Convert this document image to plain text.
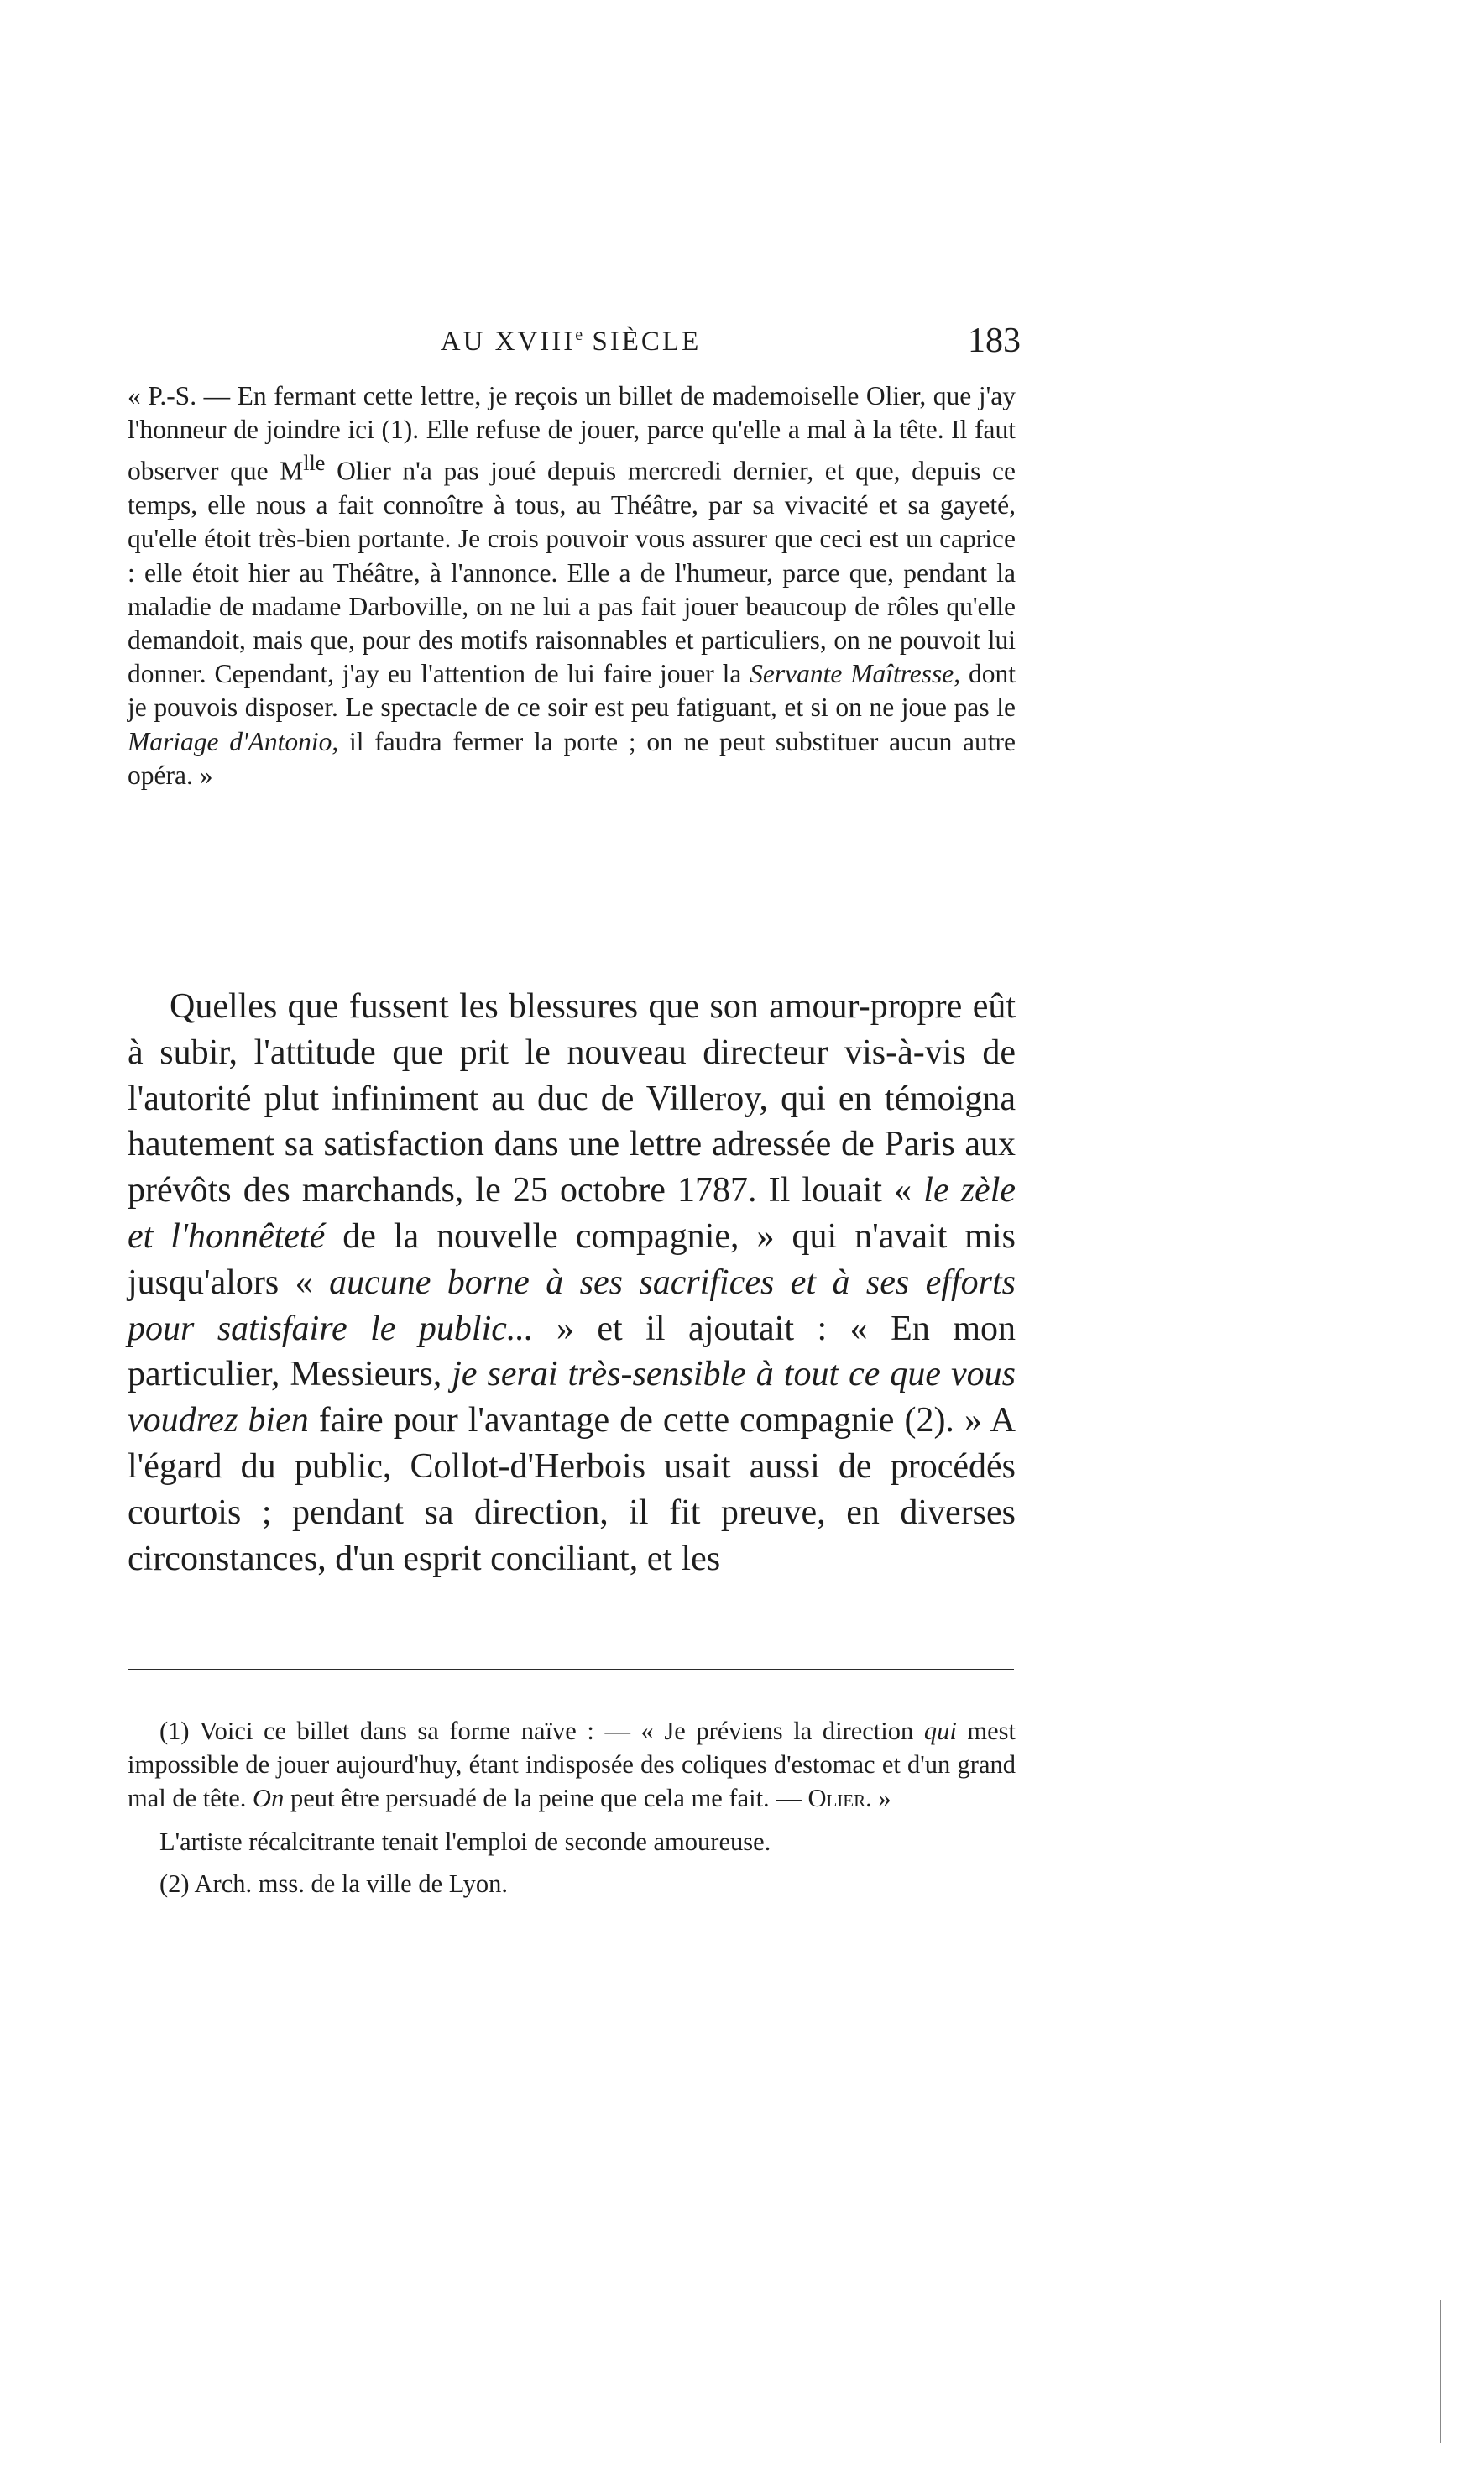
AU XVIIIe SIÈCLE	183

« P.-S. — En fermant cette lettre, je reçois un billet de mademoiselle Olier, que j'ay l'honneur de joindre ici (1). Elle refuse de jouer, parce qu'elle a mal à la tête. Il faut observer que $M^{lle}$ Olier n'a pas joué depuis mercredi dernier, et que, depuis ce temps, elle nous a fait connoître à tous, au Théâtre, par sa vivacité et sa gayeté, qu'elle étoit très-bien portante. Je crois pouvoir vous assurer que ceci est un caprice : elle étoit hier au Théâtre, à l'annonce. Elle a de l'humeur, parce que, pendant la maladie de madame Darboville, on ne lui a pas fait jouer beaucoup de rôles qu'elle demandoit, mais que, pour des motifs raisonnables et particuliers, on ne pouvoit lui donner. Cependant, j'ay eu l'attention de lui faire jouer la Servante Maîtresse, dont je pouvois disposer. Le spectacle de ce soir est peu fatiguant, et si on ne joue pas le Mariage d'Antonio, il faudra fermer la porte ; on ne peut substituer aucun autre opéra. »

Quelles que fussent les blessures que son amour-propre eût à subir, l'attitude que prit le nouveau directeur vis-à-vis de l'autorité plut infiniment au duc de Villeroy, qui en témoigna hautement sa satisfaction dans une lettre adressée de Paris aux prévôts des marchands, le 25 octobre 1787. Il louait « le zèle et l'honnêteté de la nouvelle compagnie, » qui n'avait mis jusqu'alors « aucune borne à ses sacrifices et à ses efforts pour satisfaire le public... » et il ajoutait : « En mon particulier, Messieurs, je serai très-sensible à tout ce que vous voudrez bien faire pour l'avantage de cette compagnie (2). » A l'égard du public, Collot-d'Herbois usait aussi de procédés courtois ; pendant sa direction, il fit preuve, en diverses circonstances, d'un esprit conciliant, et les

(1) Voici ce billet dans sa forme naïve : — « Je préviens la direction qui mest impossible de jouer aujourd'huy, étant indisposée des coliques d'estomac et d'un grand mal de tête. On peut être persuadé de la peine que cela me fait. — Olier. »

L'artiste récalcitrante tenait l'emploi de seconde amoureuse.

(2) Arch. mss. de la ville de Lyon.
